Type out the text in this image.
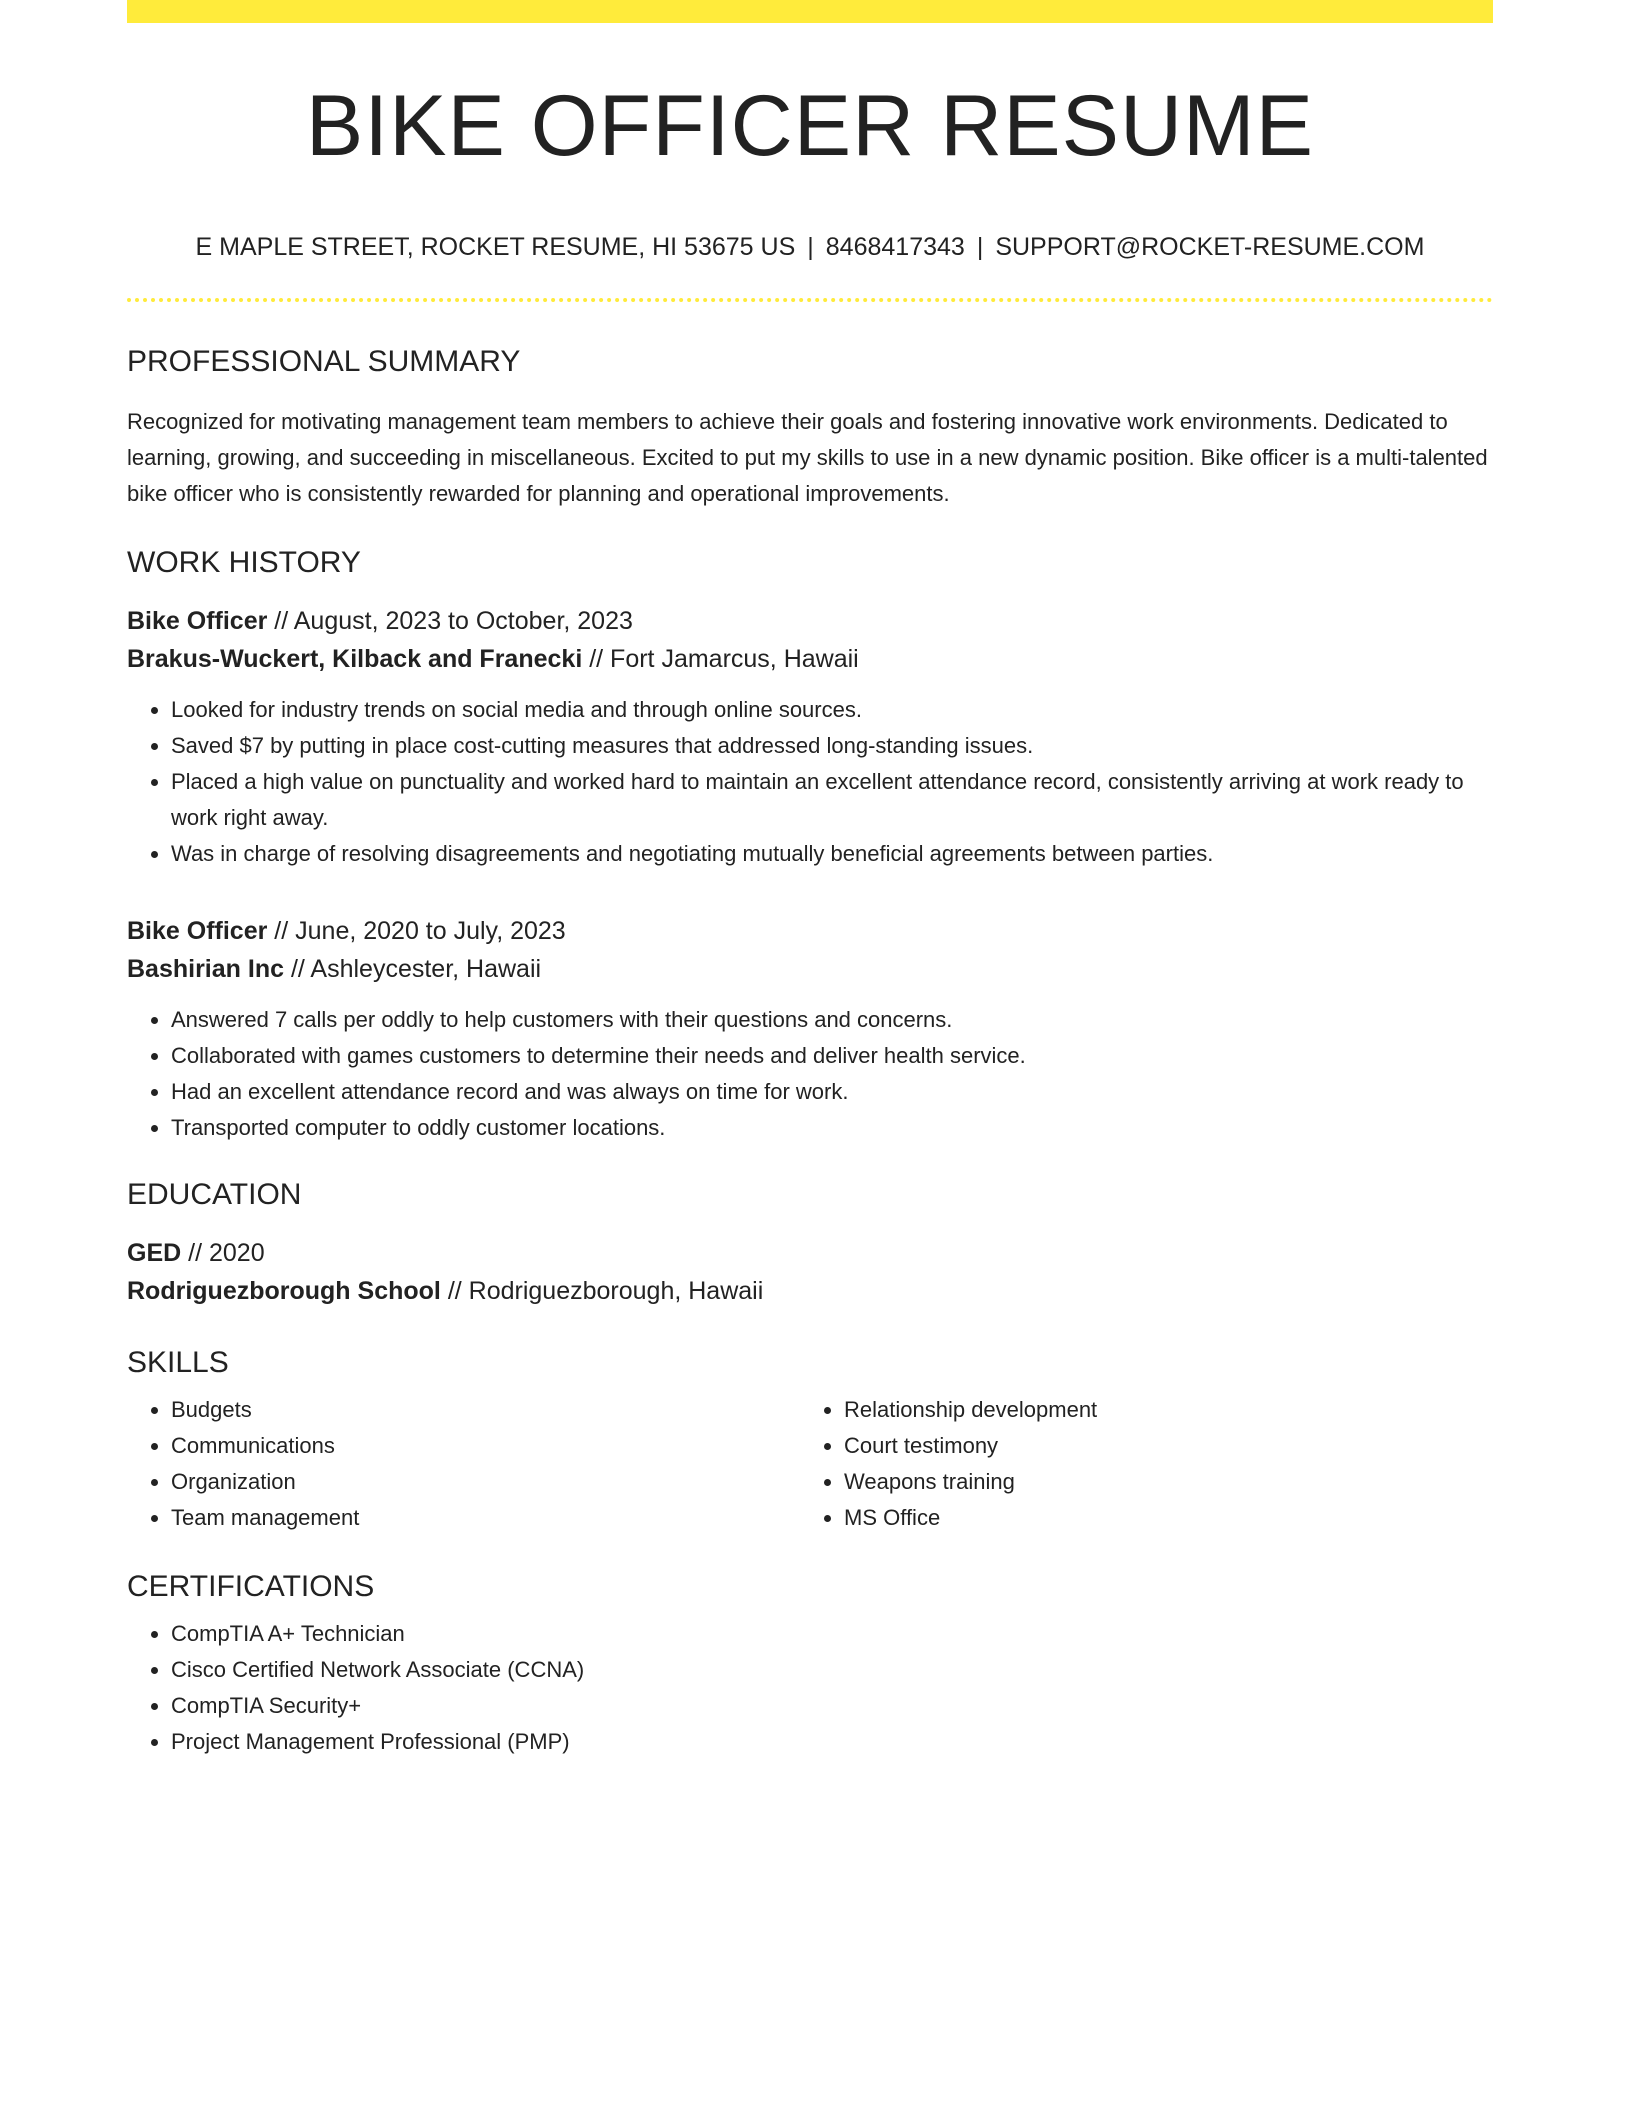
BIKE OFFICER RESUME
E MAPLE STREET, ROCKET RESUME, HI 53675 US | 8468417343 | SUPPORT@ROCKET-RESUME.COM
PROFESSIONAL SUMMARY

Recognized for motivating management team members to achieve their goals and fostering innovative work environments. Dedicated to learning, growing, and succeeding in miscellaneous. Excited to put my skills to use in a new dynamic position. Bike officer is a multi-talented bike officer who is consistently rewarded for planning and operational improvements.

WORK HISTORY

Bike Officer // August, 2023 to October, 2023

Brakus-Wuckert, Kilback and Franecki // Fort Jamarcus, Hawaii

• Looked for industry trends on social media and through online sources.
• Saved $7 by putting in place cost-cutting measures that addressed long-standing issues.
• Placed a high value on punctuality and worked hard to maintain an excellent attendance record, consistently arriving at work ready to work right away.
• Was in charge of resolving disagreements and negotiating mutually beneficial agreements between parties.

Bike Officer // June, 2020 to July, 2023

Bashirian Inc // Ashleycester, Hawaii

• Answered 7 calls per oddly to help customers with their questions and concerns.
• Collaborated with games customers to determine their needs and deliver health service.
• Had an excellent attendance record and was always on time for work.
• Transported computer to oddly customer locations.
EDUCATION

GED // 2020

Rodriguezborough School // Rodriguezborough, Hawaii

SKILLS
• Budgets
• Communications
• Organization
• Team management
• Relationship development
• Court testimony
• Weapons training
• MS Office
CERTIFICATIONS
• CompTIA A+ Technician
• Cisco Certified Network Associate (CCNA)
• CompTIA Security+
• Project Management Professional (PMP)
